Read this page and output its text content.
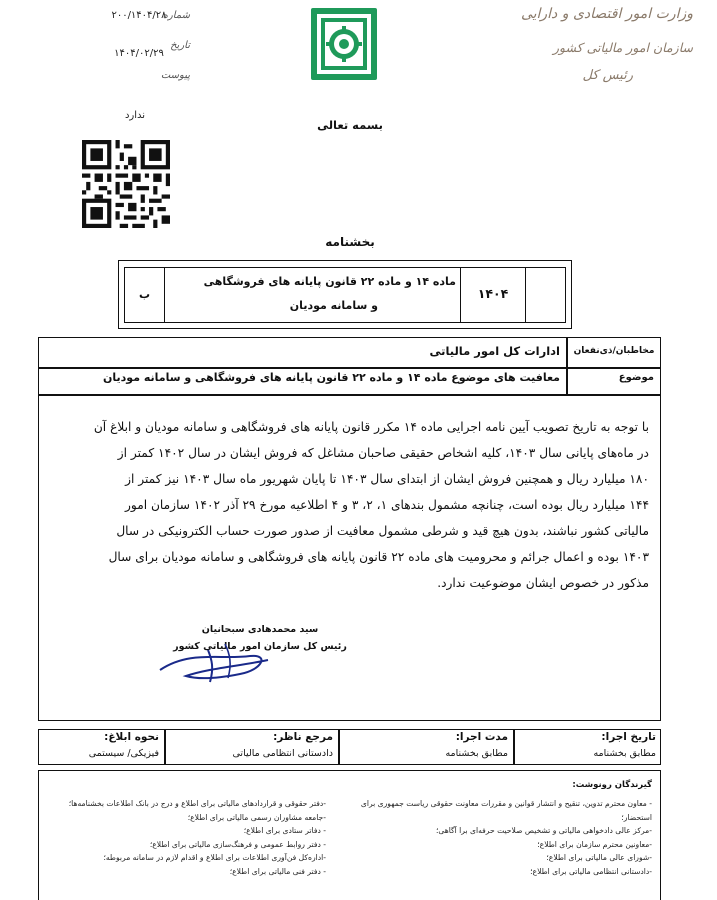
۲۰۰/۱۴۰۴/۲۸
شماره
۱۴۰۴/۰۲/۲۹
تاریخ
پیوست
ندارد
وزارت امور اقتصادی و دارایی
سازمان امور مالیاتی کشور
رئیس کل
بسمه تعالی
بخشنامه
ب
ماده ۱۴ و ماده ۲۲ قانون پایانه های فروشگاهی
و سامانه مودیان
۱۴۰۴
مخاطبان/ذی‌نفعان
ادارات کل امور مالیاتی
موضوع
معافیت های موضوع ماده ۱۴ و ماده ۲۲ قانون پایانه های فروشگاهی و سامانه مودیان
با توجه به تاریخ تصویب آیین نامه اجرایی ماده ۱۴ مکرر قانون پایانه های فروشگاهی و سامانه مودیان و ابلاغ آن
در ماه‌های پایانی سال ۱۴۰۳، کلیه اشخاص حقیقی صاحبان مشاغل که فروش ایشان در سال ۱۴۰۲ کمتر از
۱۸۰ میلیارد ریال و همچنین فروش ایشان از ابتدای سال ۱۴۰۳ تا پایان شهریور ماه سال ۱۴۰۳ نیز کمتر از
۱۴۴ میلیارد ریال بوده است، چنانچه مشمول بندهای ۱، ۲، ۳ و ۴ اطلاعیه مورخ ۲۹ آذر ۱۴۰۲ سازمان امور
مالیاتی کشور نباشند، بدون هیچ قید و شرطی مشمول معافیت از صدور صورت حساب الکترونیکی در سال
۱۴۰۳ بوده و اعمال جرائم و محرومیت های ماده ۲۲ قانون پایانه های فروشگاهی و سامانه مودیان برای سال
مذکور در خصوص ایشان موضوعیت ندارد.
سید محمدهادی سبحانیان
رئیس کل سازمان امور مالیاتی کشور
تاریخ اجرا:
مطابق بخشنامه
مدت اجرا:
مطابق بخشنامه
مرجع ناظر:
دادستانی انتظامی مالیاتی
نحوه ابلاغ:
فیزیکی/ سیستمی
گیرندگان رونوشت:
- معاون محترم تدوین، تنقیح و انتشار قوانین و مقررات معاونت حقوقی ریاست جمهوری برای
استحضار؛
-مرکز عالی دادخواهی مالیاتی و تشخیص صلاحیت حرفه‌ای برا آگاهی؛
-معاونین محترم سازمان برای اطلاع؛
-شورای عالی مالیاتی برای اطلاع؛
-دادستانی انتظامی مالیاتی برای اطلاع؛
-دفتر حقوقی و قراردادهای مالیاتی برای اطلاع و درج در بانک اطلاعات بخشنامه‌ها؛
-جامعه مشاوران رسمی مالیاتی برای اطلاع؛
- دفاتر ستادی برای اطلاع؛
- دفتر روابط عمومی و فرهنگ‌سازی مالیاتی برای اطلاع؛
-اداره‌کل فن‌آوری اطلاعات برای اطلاع و اقدام لازم در سامانه مربوطه؛
- دفتر فنی مالیاتی برای اطلاع؛
